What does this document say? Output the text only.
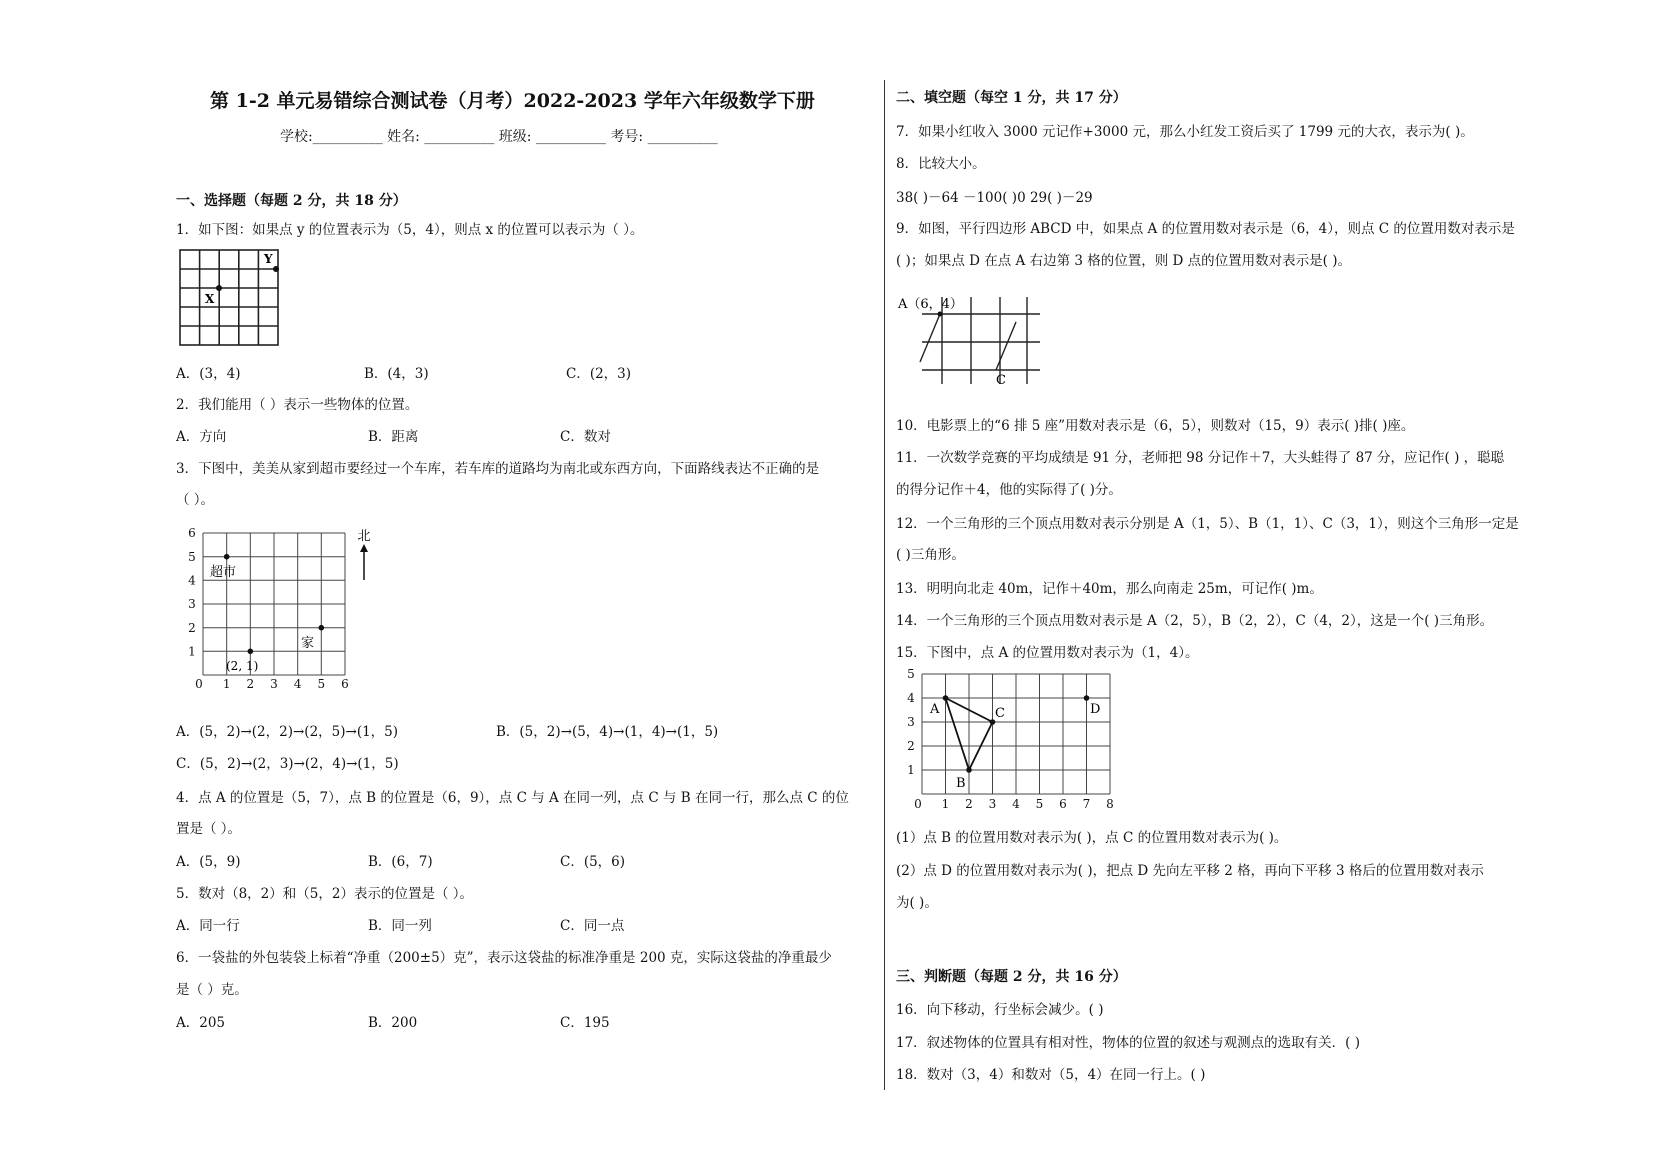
第 1-2 单元易错综合测试卷（月考）2022-2023 学年六年级数学下册
学校:__________ 姓名: __________ 班级: __________ 考号: __________
一、选择题（每题 2 分，共 18 分）
1．如下图：如果点 y 的位置表示为（5，4），则点 x 的位置可以表示为（ ）。
Y
X
A．(3，4)	B．(4，3)	C．(2，3)
2．我们能用（ ）表示一些物体的位置。
A．方向	B．距离	C．数对
3．下图中，美美从家到超市要经过一个车库，若车库的道路均为南北或东西方向，下面路线表达不正确的是
（ ）。
0 1 2 3 4 5 6
1
2
3
4
5
6
超市
家
(2, 1)
北
A．(5，2)→(2，2)→(2，5)→(1，5)	B．(5，2)→(5，4)→(1，4)→(1，5)
C．(5，2)→(2，3)→(2，4)→(1，5)
4．点 A 的位置是（5，7），点 B 的位置是（6，9），点 C 与 A 在同一列，点 C 与 B 在同一行，那么点 C 的位
置是（ ）。
A．(5，9)	B．(6，7)	C．(5，6)
5．数对（8，2）和（5，2）表示的位置是（ ）。
A．同一行	B．同一列	C．同一点
6．一袋盐的外包装袋上标着“净重（200±5）克”，表示这袋盐的标准净重是 200 克，实际这袋盐的净重最少
是（ ）克。
A．205	B．200	C．195
二、填空题（每空 1 分，共 17 分）
7．如果小红收入 3000 元记作+3000 元，那么小红发工资后买了 1799 元的大衣，表示为( )。
8．比较大小。
38( )－64 －100( )0 29( )－29
9．如图，平行四边形 ABCD 中，如果点 A 的位置用数对表示是（6，4），则点 C 的位置用数对表示是
( )；如果点 D 在点 A 右边第 3 格的位置，则 D 点的位置用数对表示是( )。
A（6，4）
C
10．电影票上的“6 排 5 座”用数对表示是（6，5），则数对（15，9）表示( )排( )座。
11．一次数学竞赛的平均成绩是 91 分，老师把 98 分记作＋7，大头蛙得了 87 分，应记作( ) ，聪聪
的得分记作＋4，他的实际得了( )分。
12．一个三角形的三个顶点用数对表示分别是 A（1，5）、B（1，1）、C（3，1），则这个三角形一定是
( )三角形。
13．明明向北走 40m，记作＋40m，那么向南走 25m，可记作( )m。
14．一个三角形的三个顶点用数对表示是 A（2，5），B（2，2），C（4，2），这是一个( )三角形。
15．下图中，点 A 的位置用数对表示为（1，4）。
A
B
C	D
0 1 2 3 4 5 6 7 8
1
2
3
4
5
(1）点 B 的位置用数对表示为( )，点 C 的位置用数对表示为( )。
(2）点 D 的位置用数对表示为( )，把点 D 先向左平移 2 格，再向下平移 3 格后的位置用数对表示
为( )。
三、判断题（每题 2 分，共 16 分）
16．向下移动，行坐标会减少。( )
17．叙述物体的位置具有相对性，物体的位置的叙述与观测点的选取有关．( )
18．数对（3，4）和数对（5，4）在同一行上。( )
